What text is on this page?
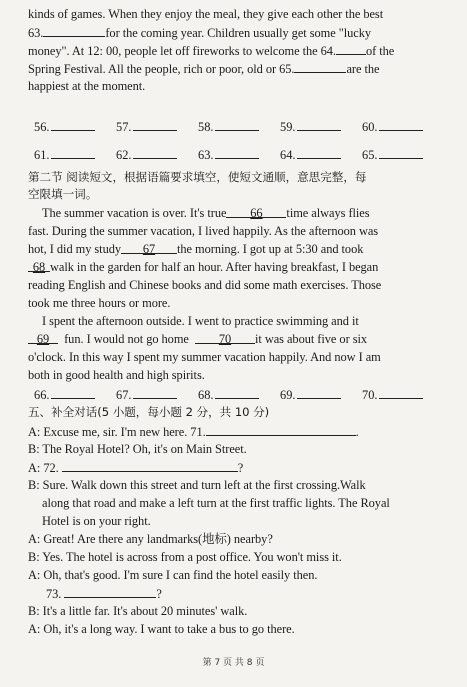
kinds of games. When they enjoy the meal, they give each other the best
63.	for the coming year. Children usually get some "lucky
money". At 12: 00, people let off fireworks to welcome the 64. of the
Spring Festival. All the people, rich or poor, old or 65.	are the
happiest at the moment.
56.	57.	58.	59.	60.
61.	62.	63.	64.	65.
第二节 阅读短文，根据语篇要求填空，使短文通顺，意思完整，每
空限填一词。
The summer vacation is over. It's true 66 time always flies
fast. During the summer vacation, I lived happily. As the afternoon was
hot, I did my study 67 the morning. I got up at 5:30 and took
68 walk in the garden for half an hour. After having breakfast, I began
reading English and Chinese books and did some math exercises. Those
took me three hours or more.
I spent the afternoon outside. I went to practice swimming and it
69 fun. I would not go home 70 it was about five or six
o'clock. In this way I spent my summer vacation happily. And now I am
both in good health and high spirits.
66.	67.	68.	69.	70.
五、补全对话(5 小题，每小题 2 分，共 10 分)
A: Excuse me, sir. I'm new here. 71.	.
B: The Royal Hotel? Oh, it's on Main Street.
A: 72.	?
B: Sure. Walk down this street and turn left at the first crossing.Walk
along that road and make a left turn at the first traffic lights. The Royal
Hotel is on your right.
A: Great! Are there any landmarks(地标) nearby?
B: Yes. The hotel is across from a post office. You won't miss it.
A: Oh, that's good. I'm sure I can find the hotel easily then.
73.	?
B: It's a little far. It's about 20 minutes' walk.
A: Oh, it's a long way. I want to take a bus to go there.
第 7 页 共 8 页
